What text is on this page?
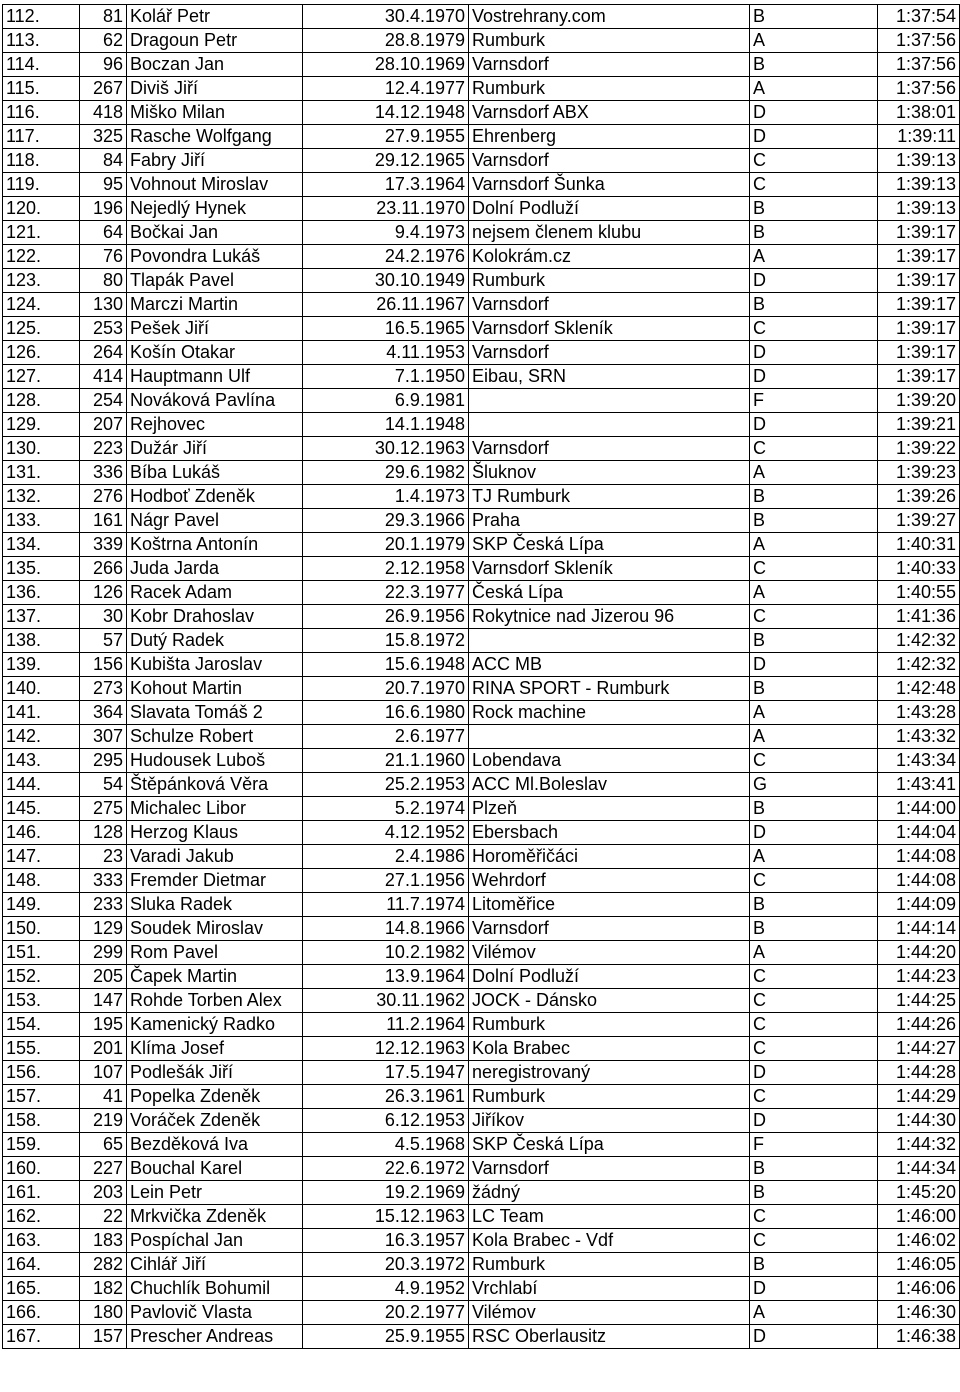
112.	81	Kolář Petr	30.4.1970	Vostrehrany.com	B	1:37:54
113.	62	Dragoun Petr	28.8.1979	Rumburk	A	1:37:56
114.	96	Boczan Jan	28.10.1969	Varnsdorf	B	1:37:56
115.	267	Diviš Jiří	12.4.1977	Rumburk	A	1:37:56
116.	418	Miško Milan	14.12.1948	Varnsdorf ABX	D	1:38:01
117.	325	Rasche Wolfgang	27.9.1955	Ehrenberg	D	1:39:11
118.	84	Fabry Jiří	29.12.1965	Varnsdorf	C	1:39:13
119.	95	Vohnout Miroslav	17.3.1964	Varnsdorf Šunka	C	1:39:13
120.	196	Nejedlý Hynek	23.11.1970	Dolní Podluží	B	1:39:13
121.	64	Bočkai Jan	9.4.1973	nejsem členem klubu	B	1:39:17
122.	76	Povondra Lukáš	24.2.1976	Kolokrám.cz	A	1:39:17
123.	80	Tlapák Pavel	30.10.1949	Rumburk	D	1:39:17
124.	130	Marczi Martin	26.11.1967	Varnsdorf	B	1:39:17
125.	253	Pešek Jiří	16.5.1965	Varnsdorf Skleník	C	1:39:17
126.	264	Košín Otakar	4.11.1953	Varnsdorf	D	1:39:17
127.	414	Hauptmann Ulf	7.1.1950	Eibau, SRN	D	1:39:17
128.	254	Nováková Pavlína	6.9.1981		F	1:39:20
129.	207	Rejhovec	14.1.1948		D	1:39:21
130.	223	Dužár Jiří	30.12.1963	Varnsdorf	C	1:39:22
131.	336	Bíba Lukáš	29.6.1982	Šluknov	A	1:39:23
132.	276	Hodboť Zdeněk	1.4.1973	TJ Rumburk	B	1:39:26
133.	161	Nágr Pavel	29.3.1966	Praha	B	1:39:27
134.	339	Koštrna Antonín	20.1.1979	SKP Česká Lípa	A	1:40:31
135.	266	Juda Jarda	2.12.1958	Varnsdorf Skleník	C	1:40:33
136.	126	Racek Adam	22.3.1977	Česká Lípa	A	1:40:55
137.	30	Kobr Drahoslav	26.9.1956	Rokytnice nad Jizerou 96	C	1:41:36
138.	57	Dutý Radek	15.8.1972		B	1:42:32
139.	156	Kubišta Jaroslav	15.6.1948	ACC MB	D	1:42:32
140.	273	Kohout Martin	20.7.1970	RINA SPORT - Rumburk	B	1:42:48
141.	364	Slavata Tomáš 2	16.6.1980	Rock machine	A	1:43:28
142.	307	Schulze Robert	2.6.1977		A	1:43:32
143.	295	Hudousek Luboš	21.1.1960	Lobendava	C	1:43:34
144.	54	Štěpánková Věra	25.2.1953	ACC Ml.Boleslav	G	1:43:41
145.	275	Michalec Libor	5.2.1974	Plzeň	B	1:44:00
146.	128	Herzog Klaus	4.12.1952	Ebersbach	D	1:44:04
147.	23	Varadi Jakub	2.4.1986	Horoměřičáci	A	1:44:08
148.	333	Fremder Dietmar	27.1.1956	Wehrdorf	C	1:44:08
149.	233	Sluka Radek	11.7.1974	Litoměřice	B	1:44:09
150.	129	Soudek Miroslav	14.8.1966	Varnsdorf	B	1:44:14
151.	299	Rom Pavel	10.2.1982	Vilémov	A	1:44:20
152.	205	Čapek Martin	13.9.1964	Dolní Podluží	C	1:44:23
153.	147	Rohde Torben Alex	30.11.1962	JOCK - Dánsko	C	1:44:25
154.	195	Kamenický Radko	11.2.1964	Rumburk	C	1:44:26
155.	201	Klíma Josef	12.12.1963	Kola Brabec	C	1:44:27
156.	107	Podlešák Jiří	17.5.1947	neregistrovaný	D	1:44:28
157.	41	Popelka Zdeněk	26.3.1961	Rumburk	C	1:44:29
158.	219	Voráček Zdeněk	6.12.1953	Jiříkov	D	1:44:30
159.	65	Bezděková Iva	4.5.1968	SKP Česká Lípa	F	1:44:32
160.	227	Bouchal Karel	22.6.1972	Varnsdorf	B	1:44:34
161.	203	Lein Petr	19.2.1969	žádný	B	1:45:20
162.	22	Mrkvička Zdeněk	15.12.1963	LC Team	C	1:46:00
163.	183	Pospíchal Jan	16.3.1957	Kola Brabec - Vdf	C	1:46:02
164.	282	Cihlář Jiří	20.3.1972	Rumburk	B	1:46:05
165.	182	Chuchlík Bohumil	4.9.1952	Vrchlabí	D	1:46:06
166.	180	Pavlovič Vlasta	20.2.1977	Vilémov	A	1:46:30
167.	157	Prescher Andreas	25.9.1955	RSC Oberlausitz	D	1:46:38
